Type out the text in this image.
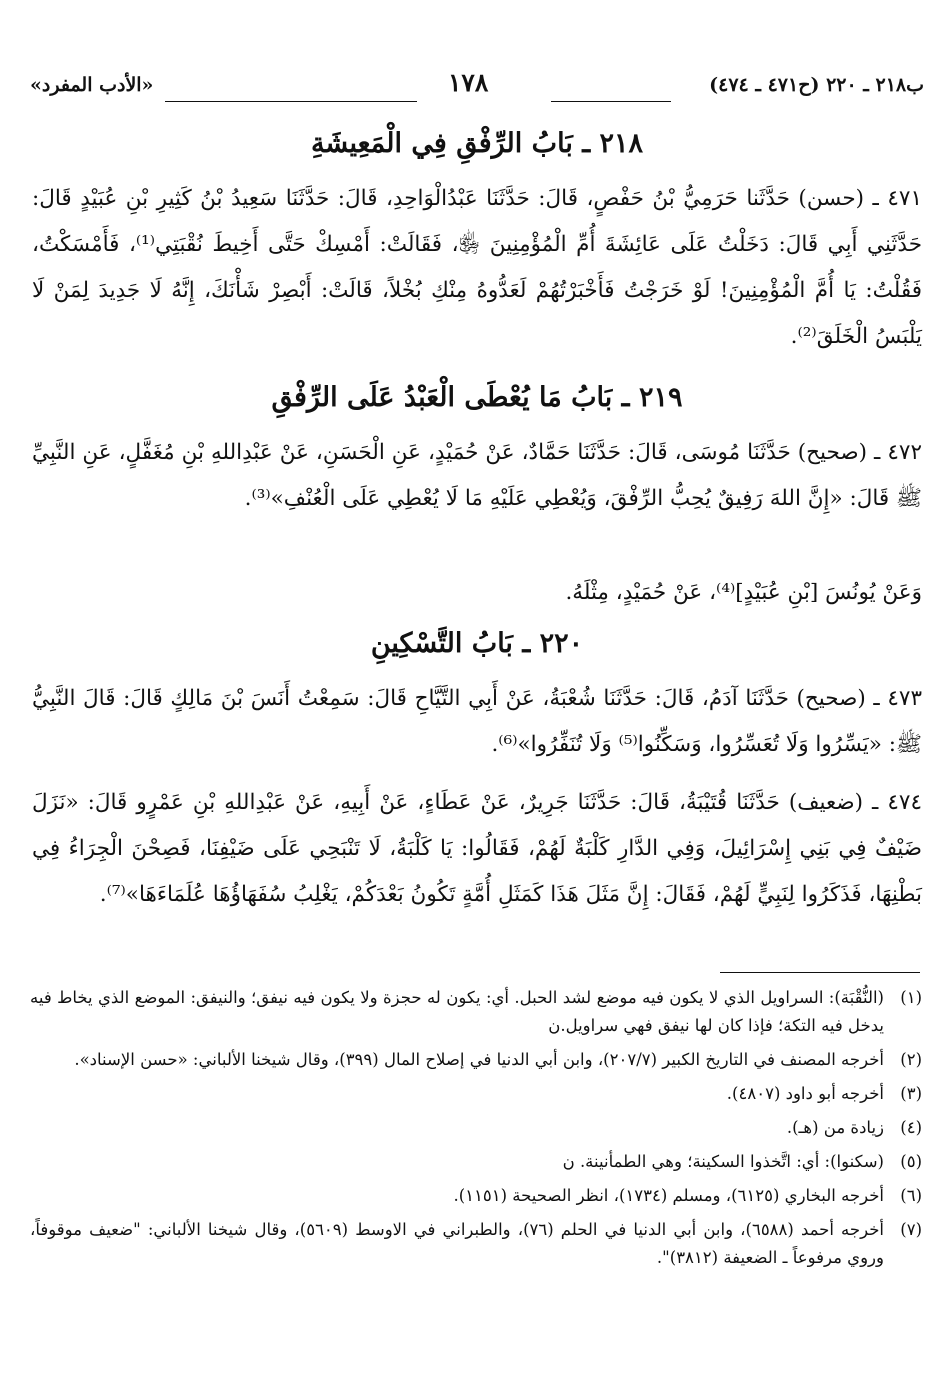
ب٢١٨ ـ ٢٢٠ (ح٤٧١ ـ ٤٧٤)
١٧٨
«الأدب المفرد»
٢١٨ ـ بَابُ الرِّفْقِ فِي الْمَعِيشَةِ
٤٧١ ـ (حسن) حَدَّثَنا حَرَمِيُّ بْنُ حَفْصٍ، قَالَ: حَدَّثَنَا عَبْدُالْوَاحِدِ، قَالَ: حَدَّثَنَا سَعِيدُ بْنُ كَثِيرِ بْنِ عُبَيْدٍ قَالَ: حَدَّثَنِي أَبِي قَالَ: دَخَلْتُ عَلَى عَائِشَةَ أُمِّ الْمُؤْمِنِينَ ﵂، فَقَالَتْ: أَمْسِكْ حَتَّى أَخِيطَ نُقْبَتِي⁽¹⁾، فَأَمْسَكْتُ، فَقُلْتُ: يَا أُمَّ الْمُؤْمِنِينَ! لَوْ خَرَجْتُ فَأَخْبَرْتُهُمْ لَعَدُّوهُ مِنْكِ بُخْلاً، قَالَتْ: أَبْصِرْ شَأْنَكَ، إِنَّهُ لَا جَدِيدَ لِمَنْ لَا يَلْبَسُ الْخَلَقَ⁽²⁾.
٢١٩ ـ بَابُ مَا يُعْطَى الْعَبْدُ عَلَى الرِّفْقِ
٤٧٢ ـ (صحيح) حَدَّثَنَا مُوسَى، قَالَ: حَدَّثَنَا حَمَّادٌ، عَنْ حُمَيْدٍ، عَنِ الْحَسَنِ، عَنْ عَبْدِاللهِ بْنِ مُغَفَّلٍ، عَنِ النَّبِيِّ ﷺ قَالَ: «إِنَّ اللهَ رَفِيقٌ يُحِبُّ الرِّفْقَ، وَيُعْطِي عَلَيْهِ مَا لَا يُعْطِي عَلَى الْعُنْفِ»⁽³⁾.
وَعَنْ يُونُسَ [بْنِ عُبَيْدٍ]⁽⁴⁾، عَنْ حُمَيْدٍ، مِثْلَهُ.
٢٢٠ ـ بَابُ التَّسْكِينِ
٤٧٣ ـ (صحيح) حَدَّثَنَا آدَمُ، قَالَ: حَدَّثَنَا شُعْبَةُ، عَنْ أَبِي التَّيَّاحِ قَالَ: سَمِعْتُ أَنَسَ بْنَ مَالِكٍ قَالَ: قَالَ النَّبِيُّ ﷺ: «يَسِّرُوا وَلَا تُعَسِّرُوا، وَسَكِّنُوا⁽⁵⁾ وَلَا تُنَفِّرُوا»⁽⁶⁾.
٤٧٤ ـ (ضعيف) حَدَّثَنَا قُتَيْبَةُ، قَالَ: حَدَّثَنَا جَرِيرٌ، عَنْ عَطَاءٍ، عَنْ أَبِيهِ، عَنْ عَبْدِاللهِ بْنِ عَمْرٍو قَالَ: «نَزَلَ ضَيْفٌ فِي بَنِي إِسْرَائِيلَ، وَفِي الدَّارِ كَلْبَةٌ لَهُمْ، فَقَالُوا: يَا كَلْبَةُ، لَا تَنْبَحِي عَلَى ضَيْفِنَا، فَصِحْنَ الْجِرَاءُ فِي بَطْنِهَا، فَذَكَرُوا لِنَبِيٍّ لَهُمْ، فَقَالَ: إِنَّ مَثَلَ هَذَا كَمَثَلِ أُمَّةٍ تَكُونُ بَعْدَكُمْ، يَغْلِبُ سُفَهَاؤُهَا عُلَمَاءَهَا»⁽⁷⁾.
(١)
(النُّقْبَة): السراويل الذي لا يكون فيه موضع لشد الحبل. أي: يكون له حجزة ولا يكون فيه نيفق؛ والنيفق: الموضع الذي يخاط فيه يدخل فيه التكة؛ فإذا كان لها نيفق فهي سراويل.ن
(٢)
أخرجه المصنف في التاريخ الكبير (٢٠٧/٧)، وابن أبي الدنيا في إصلاح المال (٣٩٩)، وقال شيخنا الألباني: «حسن الإسناد».
(٣)
أخرجه أبو داود (٤٨٠٧).
(٤)
زيادة من (هـ).
(٥)
(سكنوا): أي: اتَّخذوا السكينة؛ وهي الطمأنينة. ن
(٦)
أخرجه البخاري (٦١٢٥)، ومسلم (١٧٣٤)، انظر الصحيحة (١١٥١).
(٧)
أخرجه أحمد (٦٥٨٨)، وابن أبي الدنيا في الحلم (٧٦)، والطبراني في الاوسط (٥٦٠٩)، وقال شيخنا الألباني: "ضعيف موقوفاً، وروي مرفوعاً ـ الضعيفة (٣٨١٢)".
